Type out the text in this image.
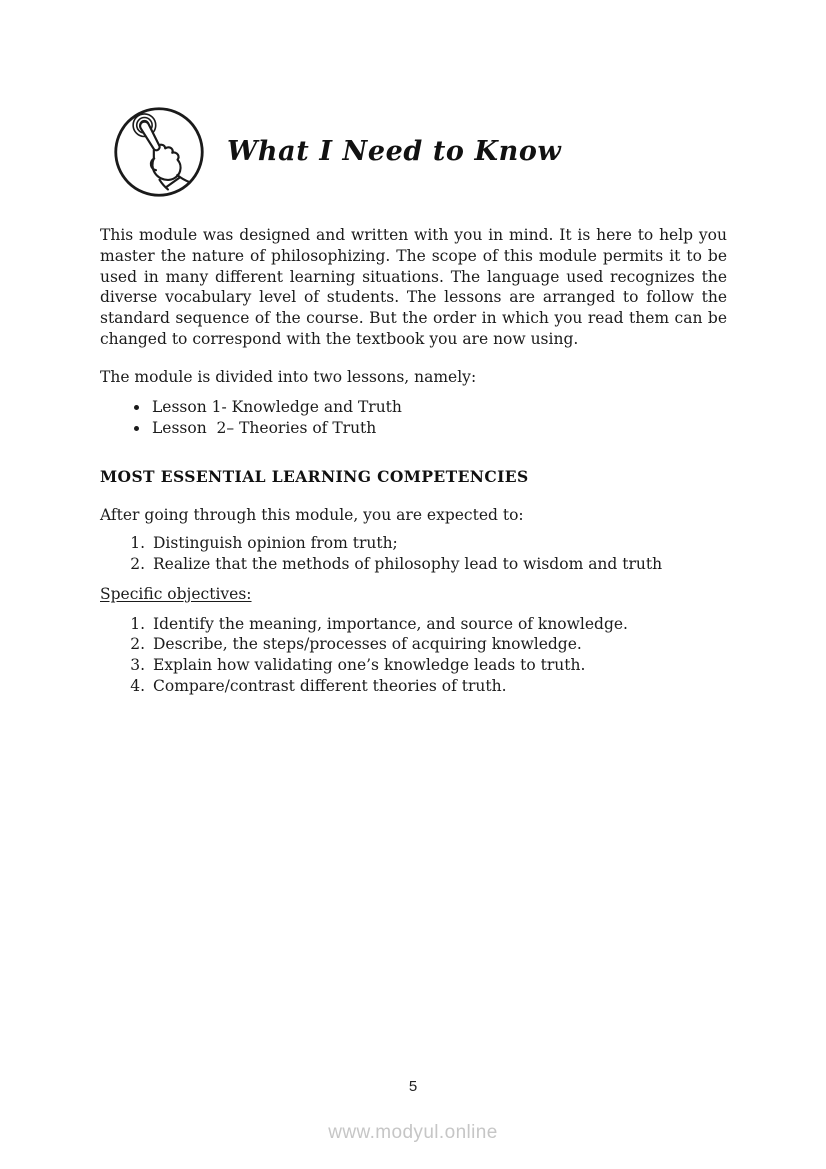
What I Need to Know

This module was designed and written with you in mind. It is here to help you master the nature of philosophizing. The scope of this module permits it to be used in many different learning situations. The language used recognizes the diverse vocabulary level of students. The lessons are arranged to follow the standard sequence of the course. But the order in which you read them can be changed to correspond with the textbook you are now using.

The module is divided into two lessons, namely:

• Lesson 1- Knowledge and Truth
• Lesson  2– Theories of Truth
MOST ESSENTIAL LEARNING COMPETENCIES

After going through this module, you are expected to:

1. Distinguish opinion from truth;
2. Realize that the methods of philosophy lead to wisdom and truth

Specific objectives:

1. Identify the meaning, importance, and source of knowledge.
2. Describe, the steps/processes of acquiring knowledge.
3. Explain how validating one’s knowledge leads to truth.
4. Compare/contrast different theories of truth.
5
www.modyul.online
